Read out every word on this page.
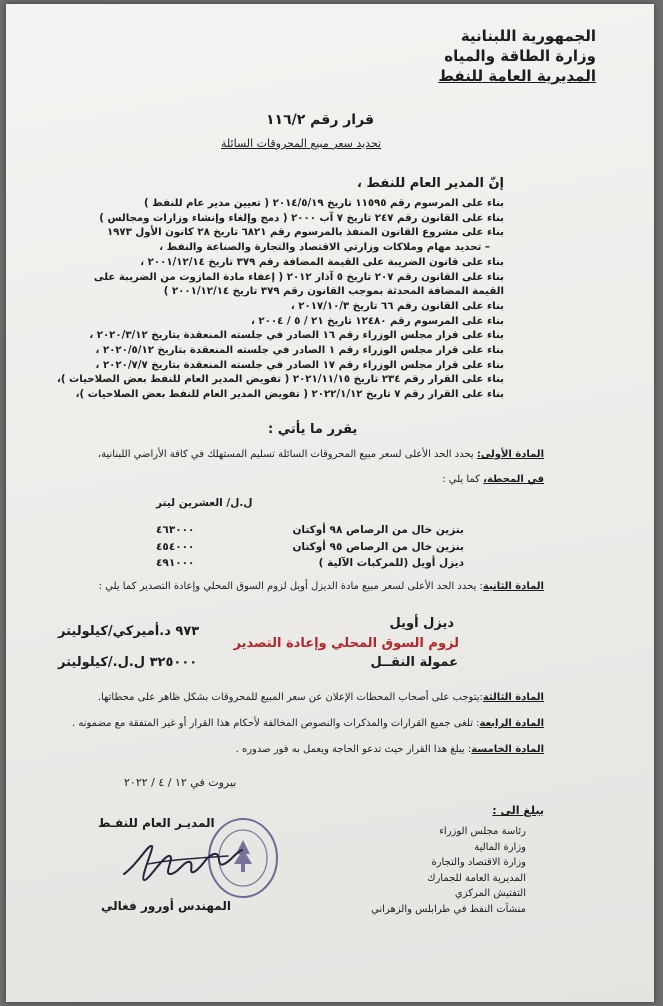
الجمهورية اللبنانية
وزارة الطاقة والمياه
المديرية العامة للنفط
قرار رقم ١١٦/٢
تحديد سعر مبيع المحروقات السائلة
إنّ المدير العام للنفط ،
بناء على المرسوم رقم ١١٥٩٥ تاريخ ٢٠١٤/٥/١٩ ( تعيين مدير عام للنفط )
بناء على القانون رقم ٢٤٧ تاريخ ٧ آب ٢٠٠٠ ( دمج وإلغاء وإنشاء وزارات ومجالس )
بناء على مشروع القانون المنفذ بالمرسوم رقم ٦٨٢١ تاريخ ٢٨ كانون الأول ١٩٧٣
– تحديد مهام وملاكات وزارتي الاقتصاد والتجارة والصناعة والنفط ،
بناء على قانون الضريبة على القيمة المضافة رقم ٣٧٩ تاريخ ٢٠٠١/١٢/١٤ ،
بناء على القانون رقم ٢٠٧ تاريخ ٥ آذار ٢٠١٢ ( إعفاء مادة المازوت من الضريبة على
القيمة المضافة المحدثة بموجب القانون رقم ٣٧٩ تاريخ ٢٠٠١/١٢/١٤ )
بناء على القانون رقم ٦٦ تاريخ ٢٠١٧/١٠/٣ ،
بناء على المرسوم رقم ١٢٤٨٠ تاريخ ٢١ / ٥ / ٢٠٠٤ ،
بناء على قرار مجلس الوزراء رقم ١٦ الصادر في جلسته المنعقدة بتاريخ ٢٠٢٠/٣/١٢ ،
بناء على قرار مجلس الوزراء رقم ١ الصادر في جلسته المنعقدة بتاريخ ٢٠٢٠/٥/١٢ ،
بناء على قرار مجلس الوزراء رقم ١٧ الصادر في جلسته المنعقدة بتاريخ ٢٠٢٠/٧/٧ ،
بناء على القرار رقم ٢٣٤ تاريخ ٢٠٢١/١١/١٥ ( تفويض المدير العام للنفط بعض الصلاحيات )،
بناء على القرار رقم ٧ تاريخ ٢٠٢٢/١/١٢ ( تفويض المدير العام للنفط بعض الصلاحيات )،
يقرر ما يأتي :
المادة الأولى: يحدد الحد الأعلى لسعر مبيع المحروقات السائلة تسليم المستهلك في كافة الأراضي اللبنانية،
في المحطة، كما يلي :
ل.ل/ العشرين ليتر
بنزين خال من الرصاص ٩٨ أوكتان
٤٦٣٠٠٠
بنزين خال من الرصاص ٩٥ أوكتان
٤٥٤٠٠٠
ديزل أويل (للمركبات الآلية )
٤٩١٠٠٠
المادة الثانية: يحدد الحد الأعلى لسعر مبيع مادة الديزل أويل لزوم السوق المحلي وإعادة التصدير كما يلي :
ديزل أويل
لزوم السوق المحلي وإعادة التصدير
عمولة النقــل
٩٧٣ د.أميركي/كيلوليتر
٣٢٥٠٠٠ ل.ل./كيلوليتر
المادة الثالثة:يتوجب على أصحاب المحطات الإعلان عن سعر المبيع للمحروقات بشكل ظاهر على محطاتها.
المادة الرابعة: تلغى جميع القرارات والمذكرات والنصوص المخالفة لأحكام هذا القرار أو غير المتفقة مع مضمونه .
المادة الخامسة: يبلغ هذا القرار حيث تدعو الحاجة ويعمل به فور صدوره .
بيروت في ١٢ / ٤ / ٢٠٢٢
يبلغ الى :
رئاسة مجلس الوزراء
وزارة المالية
وزارة الاقتصاد والتجارة
المديرية العامة للجمارك
التفتيش المركزي
منشآت النفط في طرابلس والزهراني
المديـر العام للنفـط
المهندس أورور فغالي
